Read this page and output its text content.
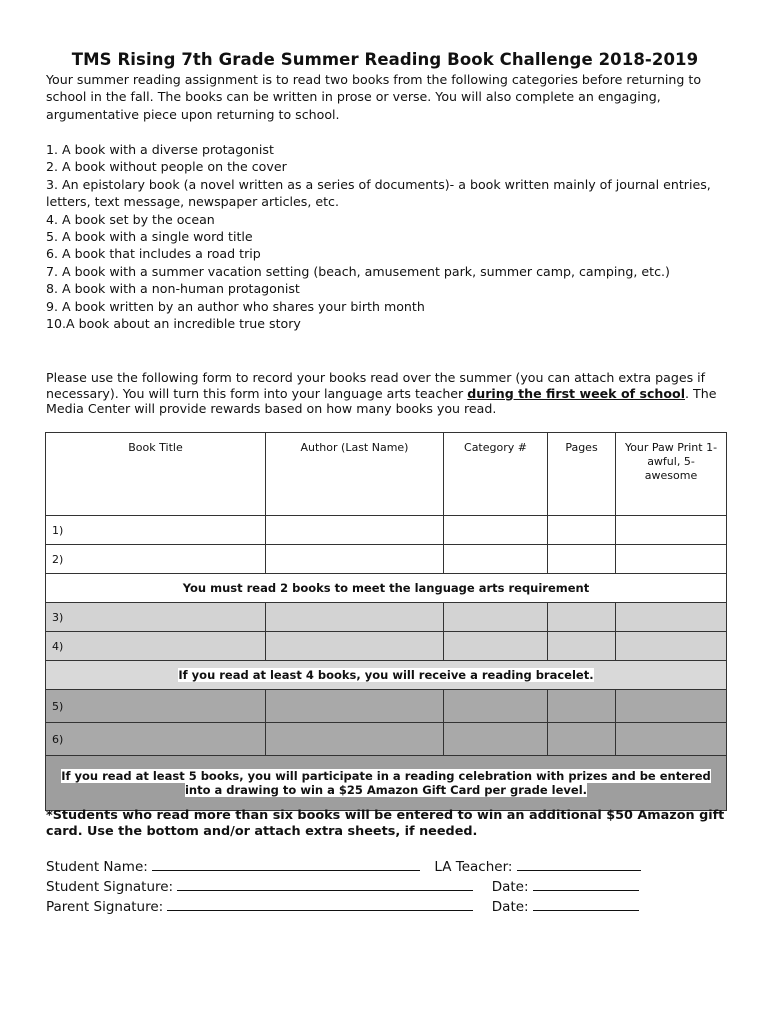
TMS Rising 7th Grade Summer Reading Book Challenge 2018-2019
Your summer reading assignment is to read two books from the following categories before returning to school in the fall. The books can be written in prose or verse. You will also complete an engaging, argumentative piece upon returning to school.
1. A book with a diverse protagonist
2. A book without people on the cover
3. An epistolary book (a novel written as a series of documents)- a book written mainly of journal entries, letters, text message, newspaper articles, etc.
4. A book set by the ocean
5. A book with a single word title
6. A book that includes a road trip
7. A book with a summer vacation setting (beach, amusement park, summer camp, camping, etc.)
8. A book with a non-human protagonist
9. A book written by an author who shares your birth month
10.A book about an incredible true story
Please use the following form to record your books read over the summer (you can attach extra pages if necessary). You will turn this form into your language arts teacher during the first week of school. The Media Center will provide rewards based on how many books you read.
Book Title	Author (Last Name)	Category #	Pages	Your Paw Print 1- awful, 5- awesome
1)				
2)				
You must read 2 books to meet the language arts requirement				
3)				
4)				
If you read at least 4 books, you will receive a reading bracelet.				
5)				
6)				
If you read at least 5 books, you will participate in a reading celebration with prizes and be entered into a drawing to win a $25 Amazon Gift Card per grade level.				
*Students who read more than six books will be entered to win an additional $50 Amazon gift card. Use the bottom and/or attach extra sheets, if needed.
Student Name:	LA Teacher:
Student Signature:	Date:
Parent Signature:	Date:
